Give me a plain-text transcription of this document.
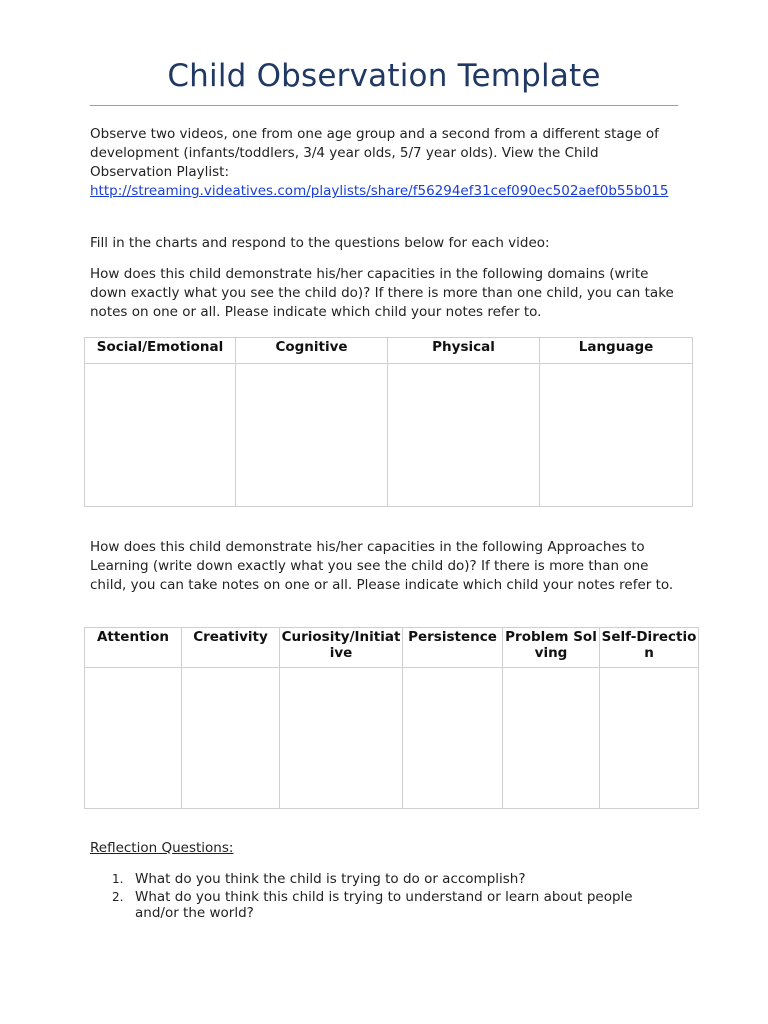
Child Observation Template
Observe two videos, one from one age group and a second from a different stage of development (infants/toddlers, 3/4 year olds, 5/7 year olds). View the Child Observation Playlist:
http://streaming.videatives.com/playlists/share/f56294ef31cef090ec502aef0b55b015
Fill in the charts and respond to the questions below for each video:
How does this child demonstrate his/her capacities in the following domains (write down exactly what you see the child do)? If there is more than one child, you can take notes on one or all. Please indicate which child your notes refer to.
Social/Emotional	Cognitive	Physical	Language

How does this child demonstrate his/her capacities in the following Approaches to Learning (write down exactly what you see the child do)? If there is more than one child, you can take notes on one or all. Please indicate which child your notes refer to.
Attention	Creativity	Curiosity/Initiative	Persistence	Problem Solving	Self-Direction

Reflection Questions:
1. What do you think the child is trying to do or accomplish?
2. What do you think this child is trying to understand or learn about people and/or the world?
